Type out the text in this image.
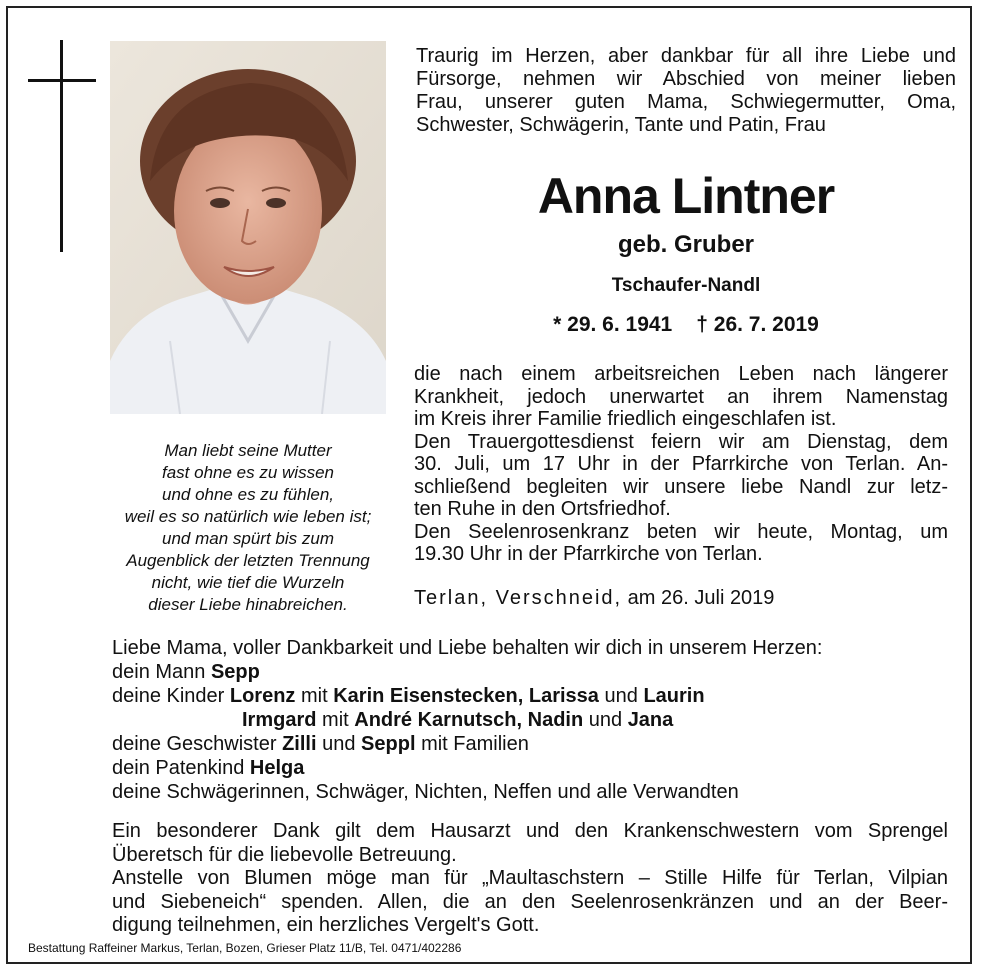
Man liebt seine Mutter
fast ohne es zu wissen
und ohne es zu fühlen,
weil es so natürlich wie leben ist;
und man spürt bis zum
Augenblick der letzten Trennung
nicht, wie tief die Wurzeln
dieser Liebe hinabreichen.
Traurig im Herzen, aber dankbar für all ihre Liebe und
Fürsorge, nehmen wir Abschied von meiner lieben
Frau, unserer guten Mama, Schwiegermutter, Oma,
Schwester, Schwägerin, Tante und Patin, Frau
Anna Lintner
geb. Gruber
Tschaufer-Nandl
* 29. 6. 1941 † 26. 7. 2019
die nach einem arbeitsreichen Leben nach längerer
Krankheit, jedoch unerwartet an ihrem Namenstag
im Kreis ihrer Familie friedlich eingeschlafen ist.
Den Trauergottesdienst feiern wir am Dienstag, dem
30. Juli, um 17 Uhr in der Pfarrkirche von Terlan. An-
schließend begleiten wir unsere liebe Nandl zur letz-
ten Ruhe in den Ortsfriedhof.
Den Seelenrosenkranz beten wir heute, Montag, um
19.30 Uhr in der Pfarrkirche von Terlan.
Terlan, Verschneid, am 26. Juli 2019
Liebe Mama, voller Dankbarkeit und Liebe behalten wir dich in unserem Herzen:
dein Mann Sepp
deine Kinder Lorenz mit Karin Eisenstecken, Larissa und Laurin
Irmgard mit André Karnutsch, Nadin und Jana
deine Geschwister Zilli und Seppl mit Familien
dein Patenkind Helga
deine Schwägerinnen, Schwäger, Nichten, Neffen und alle Verwandten
Ein besonderer Dank gilt dem Hausarzt und den Krankenschwestern vom Sprengel
Überetsch für die liebevolle Betreuung.
Anstelle von Blumen möge man für „Maultaschstern – Stille Hilfe für Terlan, Vilpian
und Siebeneich“ spenden. Allen, die an den Seelenrosenkränzen und an der Beer-
digung teilnehmen, ein herzliches Vergelt's Gott.
Bestattung Raffeiner Markus, Terlan, Bozen, Grieser Platz 11/B, Tel. 0471/402286
